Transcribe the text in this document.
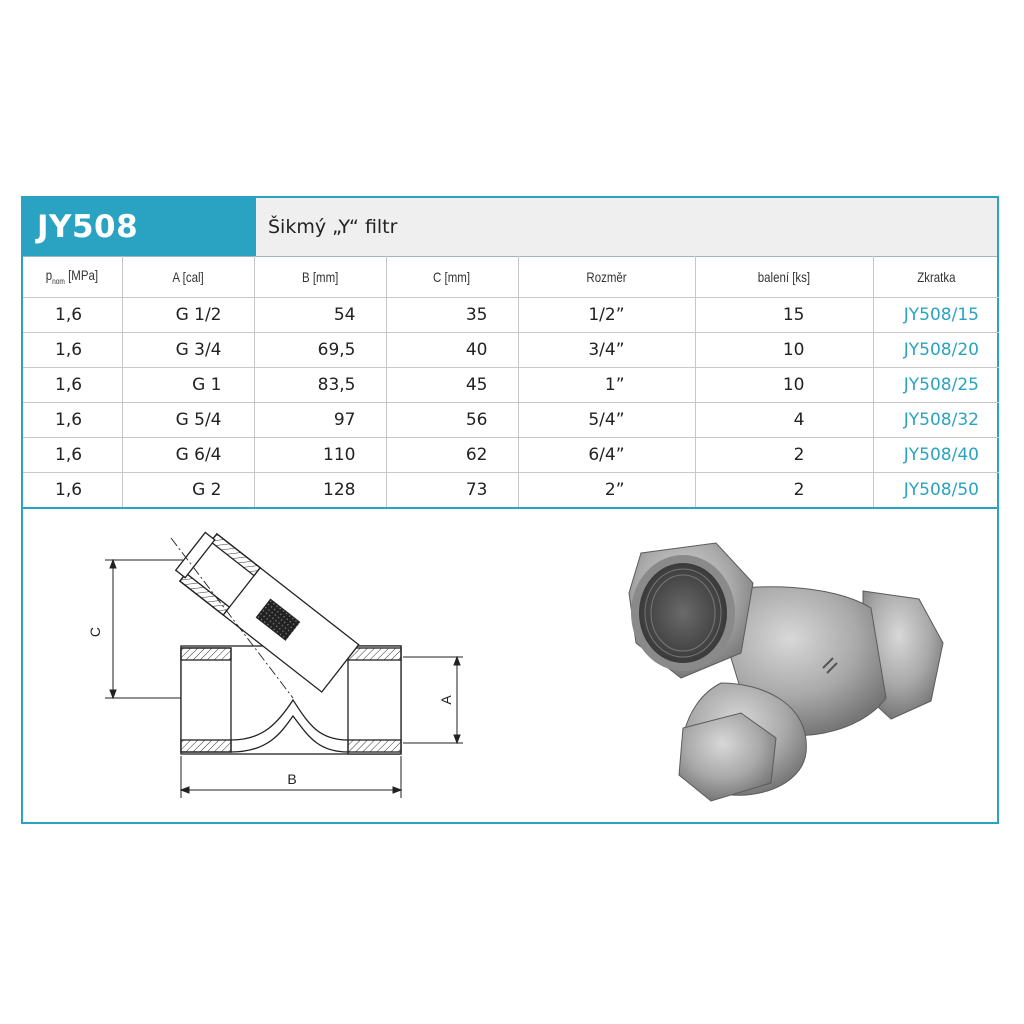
JY508	Šikmý „Y“ filtr
$p_{nom}$ [MPa]	A [cal]	B [mm]	C [mm]	Rozměr	balení [ks]	Zkratka
1,6	G 1/2	54	35	1/2”	15	JY508/15
1,6	G 3/4	69,5	40	3/4”	10	JY508/20
1,6	G 1	83,5	45	1”	10	JY508/25
1,6	G 5/4	97	56	5/4”	4	JY508/32
1,6	G 6/4	110	62	6/4”	2	JY508/40
1,6	G 2	128	73	2”	2	JY508/50
C
A
B
